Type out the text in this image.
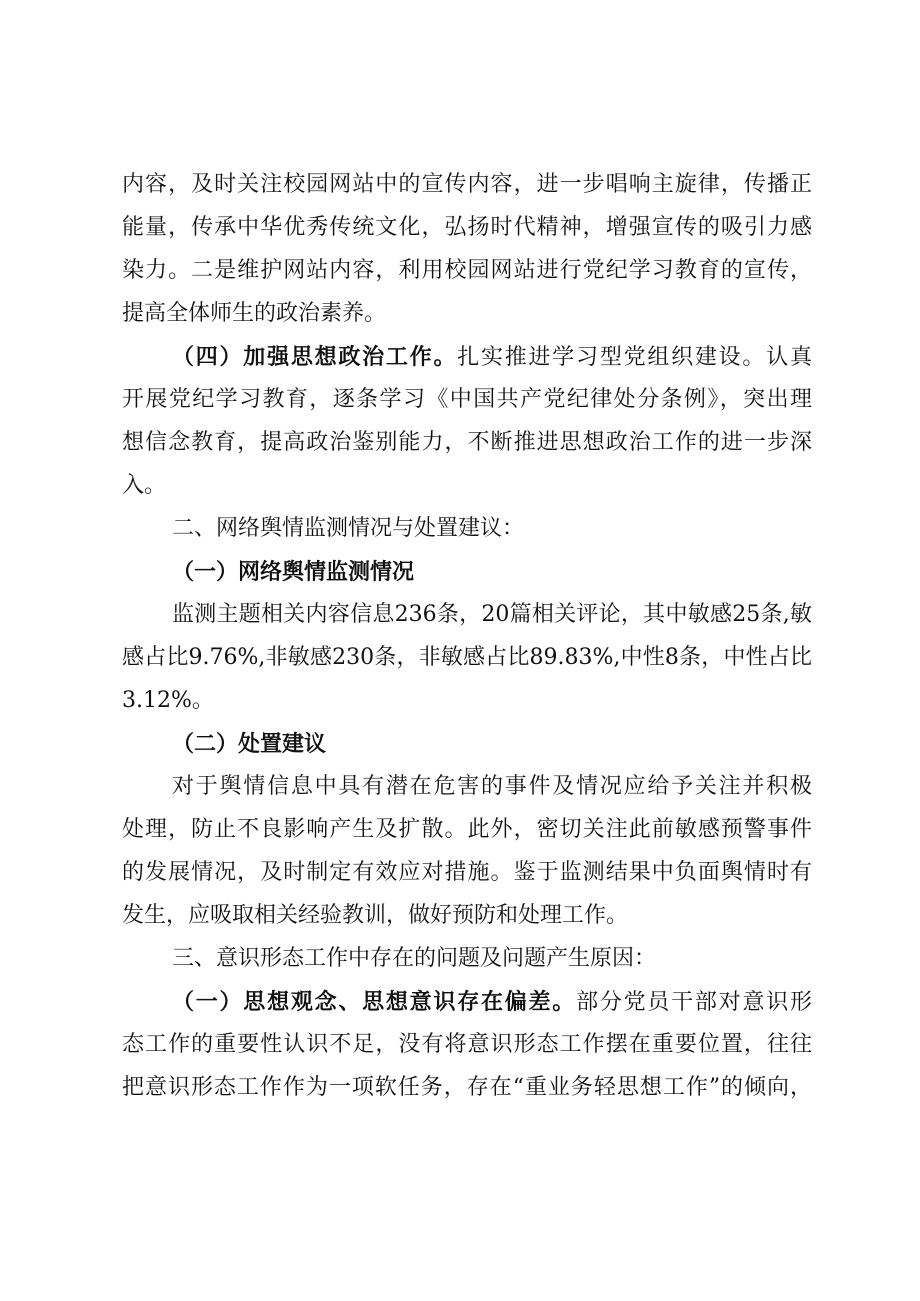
内容，及时关注校园网站中的宣传内容，进一步唱响主旋律，传播正
能量，传承中华优秀传统文化，弘扬时代精神，增强宣传的吸引力感
染力。二是维护网站内容，利用校园网站进行党纪学习教育的宣传，
提高全体师生的政治素养。
（四）加强思想政治工作。扎实推进学习型党组织建设。认真
开展党纪学习教育，逐条学习《中国共产党纪律处分条例》，突出理
想信念教育，提高政治鉴别能力，不断推进思想政治工作的进一步深
入。
二、网络舆情监测情况与处置建议：
（一）网络舆情监测情况
监测主题相关内容信息236条，20篇相关评论，其中敏感25条,敏
感占比9.76%,非敏感230条，非敏感占比89.83%,中性8条，中性占比
3.12%。
（二）处置建议
对于舆情信息中具有潜在危害的事件及情况应给予关注并积极
处理，防止不良影响产生及扩散。此外，密切关注此前敏感预警事件
的发展情况，及时制定有效应对措施。鉴于监测结果中负面舆情时有
发生，应吸取相关经验教训，做好预防和处理工作。
三、意识形态工作中存在的问题及问题产生原因：
（一）思想观念、思想意识存在偏差。部分党员干部对意识形
态工作的重要性认识不足，没有将意识形态工作摆在重要位置，往往
把意识形态工作作为一项软任务，存在“重业务轻思想工作”的倾向，
